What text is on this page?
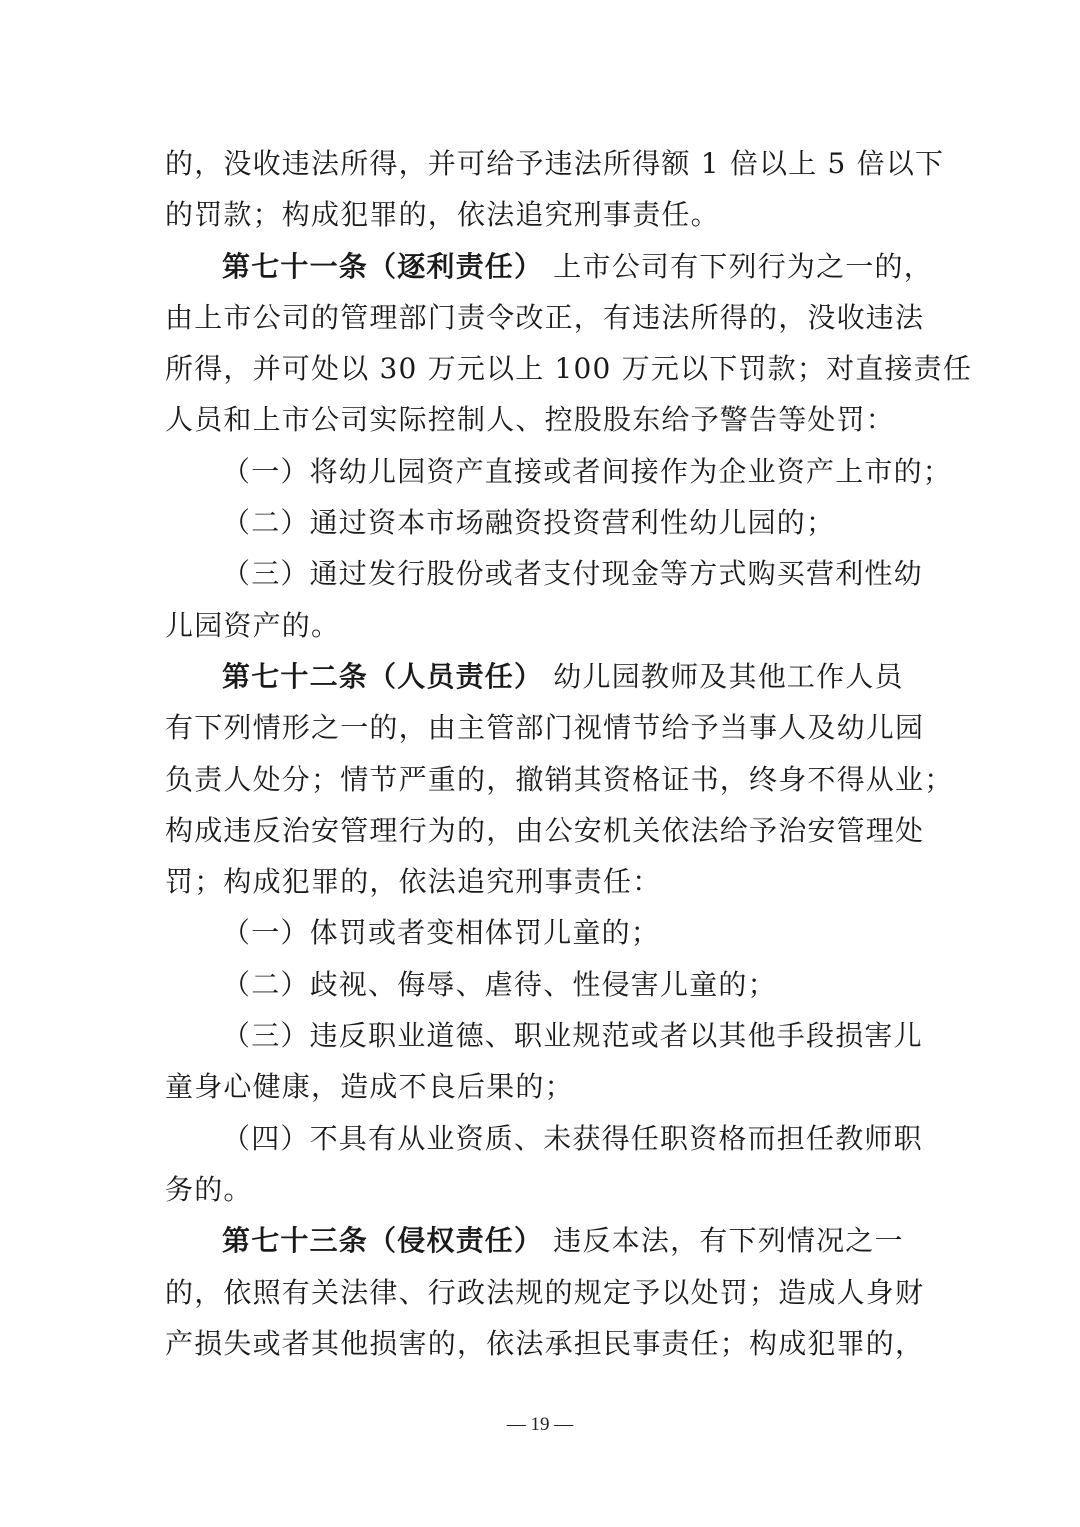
的，没收违法所得，并可给予违法所得额 1 倍以上 5 倍以下
的罚款；构成犯罪的，依法追究刑事责任。
第七十一条（逐利责任） 上市公司有下列行为之一的，
由上市公司的管理部门责令改正，有违法所得的，没收违法
所得，并可处以 30 万元以上 100 万元以下罚款；对直接责任
人员和上市公司实际控制人、控股股东给予警告等处罚：
（一）将幼儿园资产直接或者间接作为企业资产上市的；
（二）通过资本市场融资投资营利性幼儿园的；
（三）通过发行股份或者支付现金等方式购买营利性幼
儿园资产的。
第七十二条（人员责任） 幼儿园教师及其他工作人员
有下列情形之一的，由主管部门视情节给予当事人及幼儿园
负责人处分；情节严重的，撤销其资格证书，终身不得从业；
构成违反治安管理行为的，由公安机关依法给予治安管理处
罚；构成犯罪的，依法追究刑事责任：
（一）体罚或者变相体罚儿童的；
（二）歧视、侮辱、虐待、性侵害儿童的；
（三）违反职业道德、职业规范或者以其他手段损害儿
童身心健康，造成不良后果的；
（四）不具有从业资质、未获得任职资格而担任教师职
务的。
第七十三条（侵权责任） 违反本法，有下列情况之一
的，依照有关法律、行政法规的规定予以处罚；造成人身财
产损失或者其他损害的，依法承担民事责任；构成犯罪的，
— 19 —
